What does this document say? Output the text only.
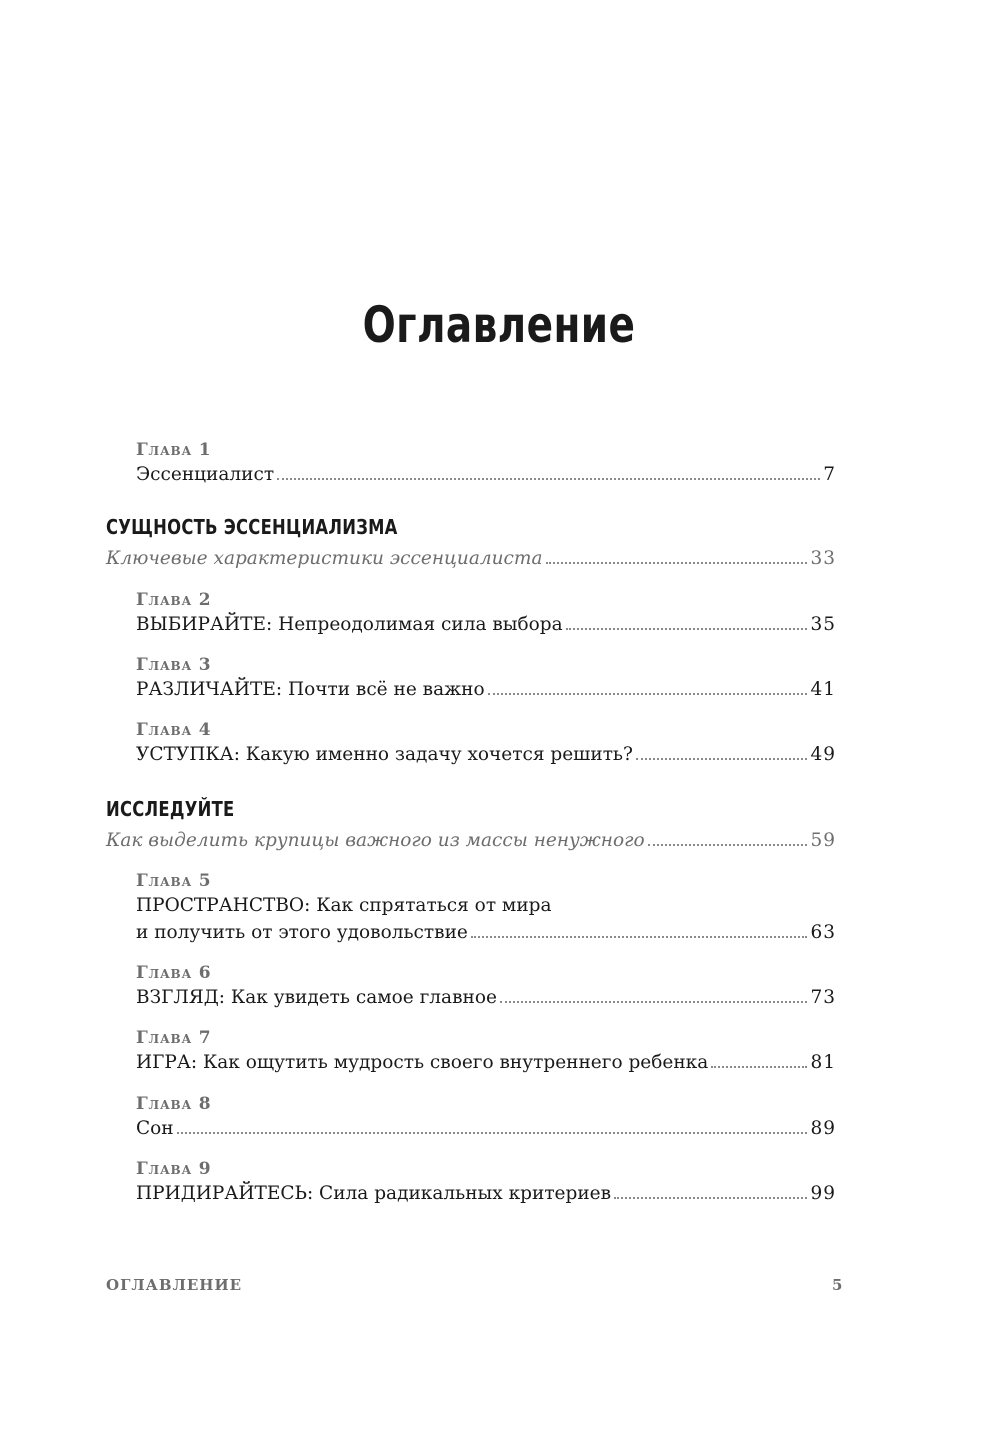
Оглавление
Глава 1
Эссенциалист	7
СУЩНОСТЬ ЭССЕНЦИАЛИЗМА
Ключевые характеристики эссенциалиста	33
Глава 2
ВЫБИРАЙТЕ: Непреодолимая сила выбора	35
Глава 3
РАЗЛИЧАЙТЕ: Почти всё не важно	41
Глава 4
УСТУПКА: Какую именно задачу хочется решить?	49
ИССЛЕДУЙТЕ
Как выделить крупицы важного из массы ненужного	59
Глава 5
ПРОСТРАНСТВО: Как спрятаться от мира
и получить от этого удовольствие	63
Глава 6
ВЗГЛЯД: Как увидеть самое главное	73
Глава 7
ИГРА: Как ощутить мудрость своего внутреннего ребенка	81
Глава 8
Сон	89
Глава 9
ПРИДИРАЙТЕСЬ: Сила радикальных критериев	99
ОГЛАВЛЕНИЕ	5
